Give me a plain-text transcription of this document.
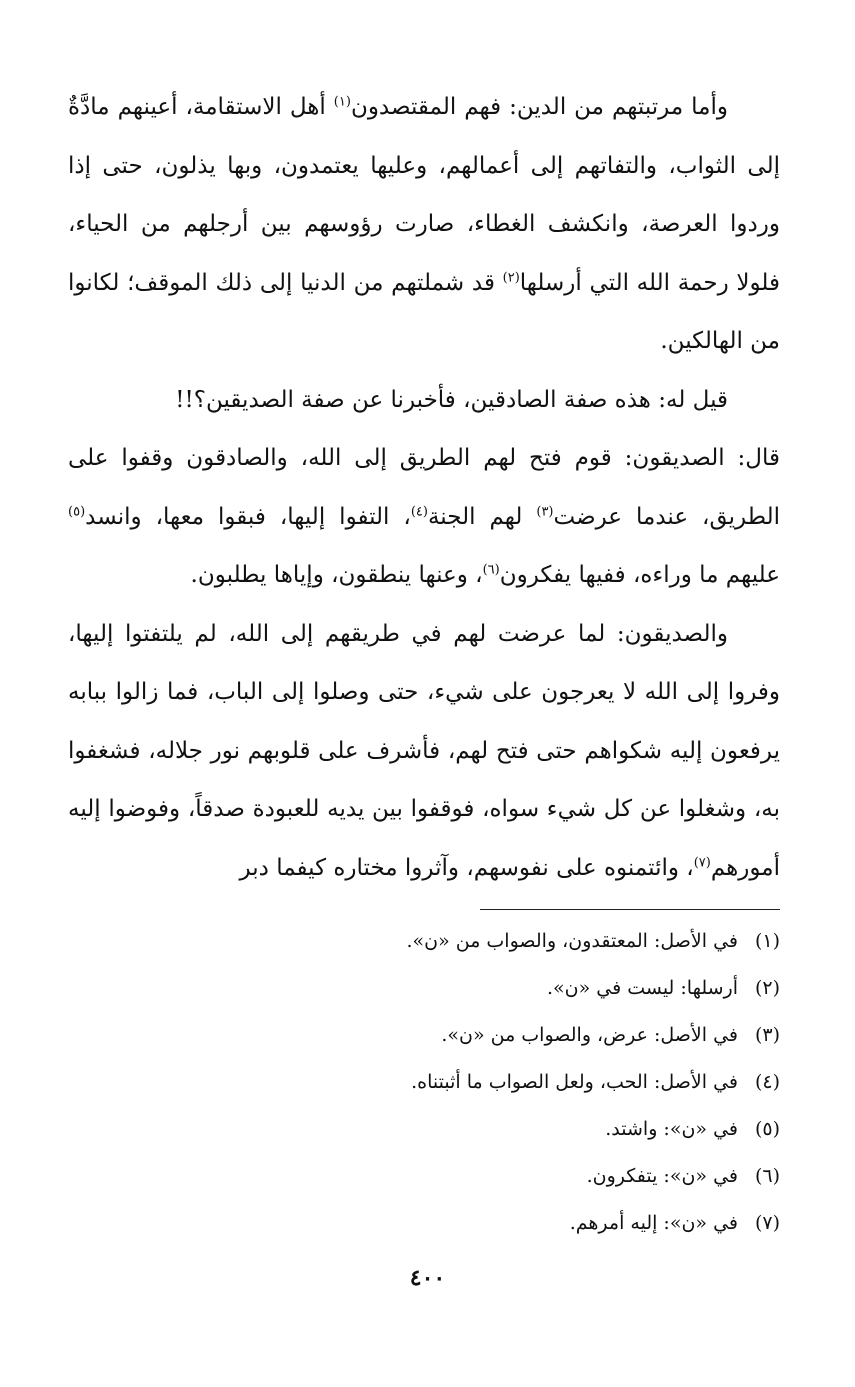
وأما مرتبتهم من الدين: فهم المقتصدون$^{(١)}$ أهل الاستقامة، أعينهم مادَّةٌ إلى الثواب، والتفاتهم إلى أعمالهم، وعليها يعتمدون، وبها يذلون، حتى إذا وردوا العرصة، وانكشف الغطاء، صارت رؤوسهم بين أرجلهم من الحياء، فلولا رحمة الله التي أرسلها$^{(٢)}$ قد شملتهم من الدنيا إلى ذلك الموقف؛ لكانوا من الهالكين.

قيل له: هذه صفة الصادقين، فأخبرنا عن صفة الصديقين؟!!

قال: الصديقون: قوم فتح لهم الطريق إلى الله، والصادقون وقفوا على الطريق، عندما عرضت$^{(٣)}$ لهم الجنة$^{(٤)}$، التفوا إليها، فبقوا معها، وانسد$^{(٥)}$ عليهم ما وراءه، ففيها يفكرون$^{(٦)}$، وعنها ينطقون، وإياها يطلبون.

والصديقون: لما عرضت لهم في طريقهم إلى الله، لم يلتفتوا إليها، وفروا إلى الله لا يعرجون على شيء، حتى وصلوا إلى الباب، فما زالوا ببابه يرفعون إليه شكواهم حتى فتح لهم، فأشرف على قلوبهم نور جلاله، فشغفوا به، وشغلوا عن كل شيء سواه، فوقفوا بين يديه للعبودة صدقاً، وفوضوا إليه أمورهم$^{(٧)}$، وائتمنوه على نفوسهم، وآثروا مختاره كيفما دبر

(١)في الأصل: المعتقدون، والصواب من «ن».
(٢)أرسلها: ليست في «ن».
(٣)في الأصل: عرض، والصواب من «ن».
(٤)في الأصل: الحب، ولعل الصواب ما أثبتناه.
(٥)في «ن»: واشتد.
(٦)في «ن»: يتفكرون.
(٧)في «ن»: إليه أمرهم.
٤٠٠
